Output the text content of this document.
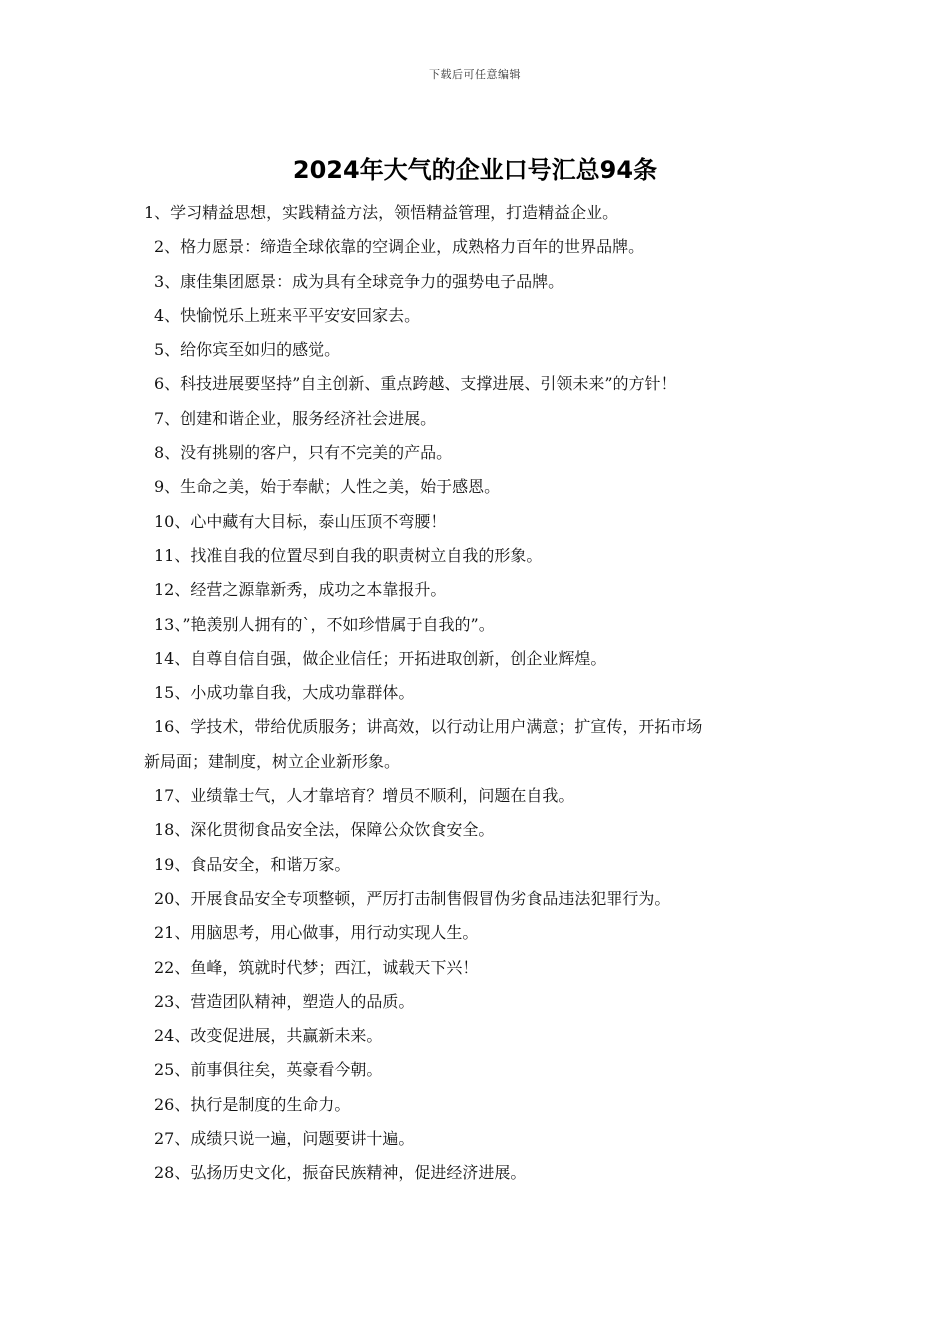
下载后可任意编辑
2024年大气的企业口号汇总94条
1、学习精益思想，实践精益方法，领悟精益管理，打造精益企业。
2、格力愿景：缔造全球依靠的空调企业，成熟格力百年的世界品牌。
3、康佳集团愿景：成为具有全球竞争力的强势电子品牌。
4、快愉悦乐上班来平平安安回家去。
5、给你宾至如归的感觉。
6、科技进展要坚持”自主创新、重点跨越、支撑进展、引领未来”的方针！
7、创建和谐企业，服务经济社会进展。
8、没有挑剔的客户，只有不完美的产品。
9、生命之美，始于奉献；人性之美，始于感恩。
10、心中藏有大目标，泰山压顶不弯腰！
11、找准自我的位置尽到自我的职责树立自我的形象。
12、经营之源靠新秀，成功之本靠报升。
13、”艳羡别人拥有的`，不如珍惜属于自我的”。
14、自尊自信自强，做企业信任；开拓进取创新，创企业辉煌。
15、小成功靠自我，大成功靠群体。
16、学技术，带给优质服务；讲高效，以行动让用户满意；扩宣传，开拓市场
新局面；建制度，树立企业新形象。
17、业绩靠士气，人才靠培育？增员不顺利，问题在自我。
18、深化贯彻食品安全法，保障公众饮食安全。
19、食品安全，和谐万家。
20、开展食品安全专项整顿，严厉打击制售假冒伪劣食品违法犯罪行为。
21、用脑思考，用心做事，用行动实现人生。
22、鱼峰，筑就时代梦；西江，诚载天下兴！
23、营造团队精神，塑造人的品质。
24、改变促进展，共赢新未来。
25、前事俱往矣，英豪看今朝。
26、执行是制度的生命力。
27、成绩只说一遍，问题要讲十遍。
28、弘扬历史文化，振奋民族精神，促进经济进展。
